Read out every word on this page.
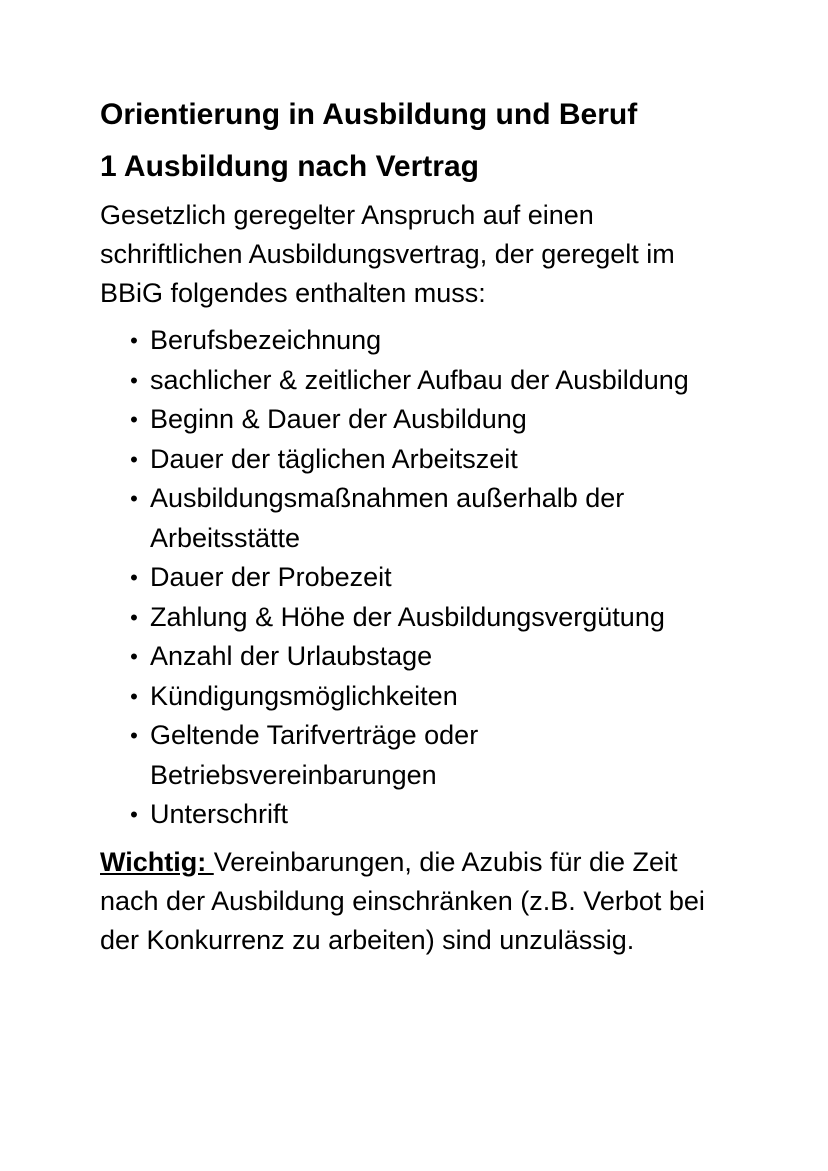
Orientierung in Ausbildung und Beruf
1 Ausbildung nach Vertrag

Gesetzlich geregelter Anspruch auf einen schriftlichen Ausbildungsvertrag, der geregelt im BBiG folgendes enthalten muss:

• Berufsbezeichnung
• sachlicher & zeitlicher Aufbau der Ausbildung
• Beginn & Dauer der Ausbildung
• Dauer der täglichen Arbeitszeit
• Ausbildungsmaßnahmen außerhalb der Arbeitsstätte
• Dauer der Probezeit
• Zahlung & Höhe der Ausbildungsvergütung
• Anzahl der Urlaubstage
• Kündigungsmöglichkeiten
• Geltende Tarifverträge oder Betriebsvereinbarungen
• Unterschrift

Wichtig: Vereinbarungen, die Azubis für die Zeit nach der Ausbildung einschränken (z.B. Verbot bei der Konkurrenz zu arbeiten) sind unzulässig.
